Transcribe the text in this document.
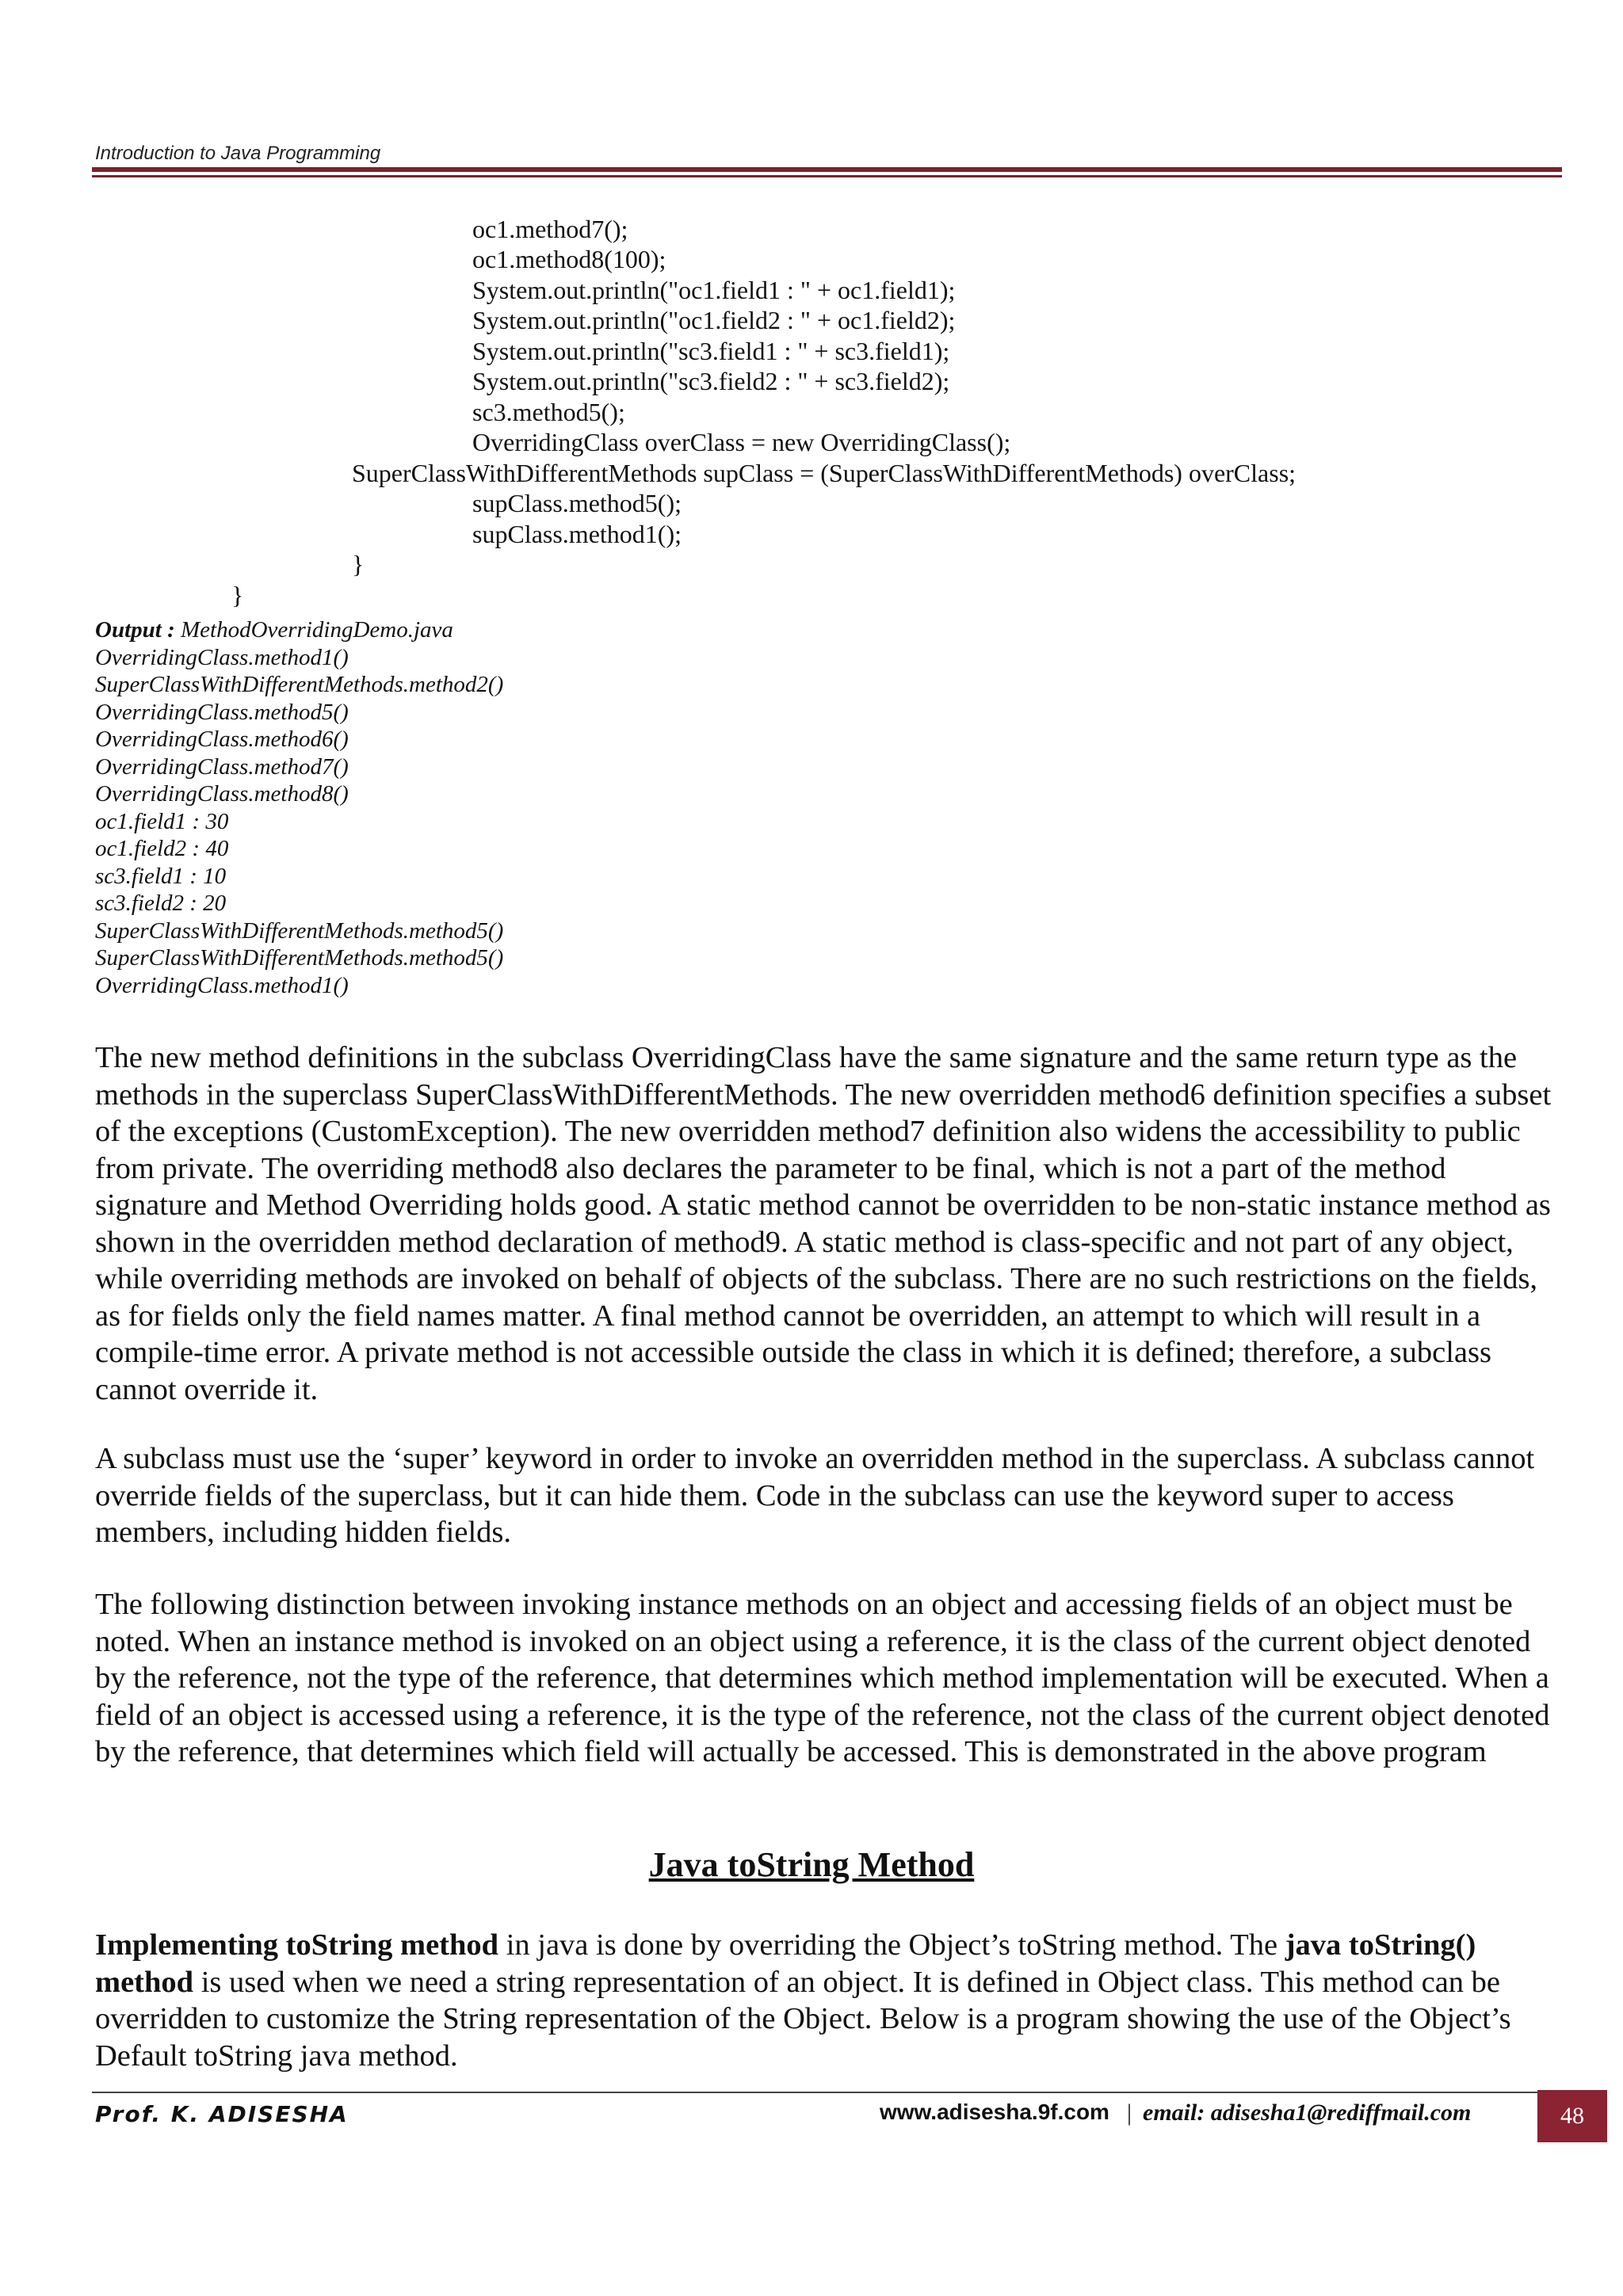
Introduction to Java Programming
oc1.method7();
oc1.method8(100);
System.out.println("oc1.field1 : " + oc1.field1);
System.out.println("oc1.field2 : " + oc1.field2);
System.out.println("sc3.field1 : " + sc3.field1);
System.out.println("sc3.field2 : " + sc3.field2);
sc3.method5();
OverridingClass overClass = new OverridingClass();
SuperClassWithDifferentMethods supClass = (SuperClassWithDifferentMethods) overClass;
supClass.method5();
supClass.method1();
}
}
Output : MethodOverridingDemo.java
OverridingClass.method1()
SuperClassWithDifferentMethods.method2()
OverridingClass.method5()
OverridingClass.method6()
OverridingClass.method7()
OverridingClass.method8()
oc1.field1 : 30
oc1.field2 : 40
sc3.field1 : 10
sc3.field2 : 20
SuperClassWithDifferentMethods.method5()
SuperClassWithDifferentMethods.method5()
OverridingClass.method1()

The new method definitions in the subclass OverridingClass have the same signature and the same return type as the methods in the superclass SuperClassWithDifferentMethods. The new overridden method6 definition specifies a subset of the exceptions (CustomException). The new overridden method7 definition also widens the accessibility to public from private. The overriding method8 also declares the parameter to be final, which is not a part of the method signature and Method Overriding holds good. A static method cannot be overridden to be non-static instance method as shown in the overridden method declaration of method9. A static method is class-specific and not part of any object, while overriding methods are invoked on behalf of objects of the subclass. There are no such restrictions on the fields, as for fields only the field names matter. A final method cannot be overridden, an attempt to which will result in a compile-time error. A private method is not accessible outside the class in which it is defined; therefore, a subclass cannot override it.

A subclass must use the ‘super’ keyword in order to invoke an overridden method in the superclass. A subclass cannot override fields of the superclass, but it can hide them. Code in the subclass can use the keyword super to access members, including hidden fields.

The following distinction between invoking instance methods on an object and accessing fields of an object must be noted. When an instance method is invoked on an object using a reference, it is the class of the current object denoted by the reference, not the type of the reference, that determines which method implementation will be executed. When a field of an object is accessed using a reference, it is the type of the reference, not the class of the current object denoted by the reference, that determines which field will actually be accessed. This is demonstrated in the above program

Java toString Method

Implementing toString method in java is done by overriding the Object’s toString method. The java toString() method is used when we need a string representation of an object. It is defined in Object class. This method can be overridden to customize the String representation of the Object. Below is a program showing the use of the Object’s Default toString java method.

Prof. K. ADISESHA	www.adisesha.9f.com | email: adisesha1@rediffmail.com	48
